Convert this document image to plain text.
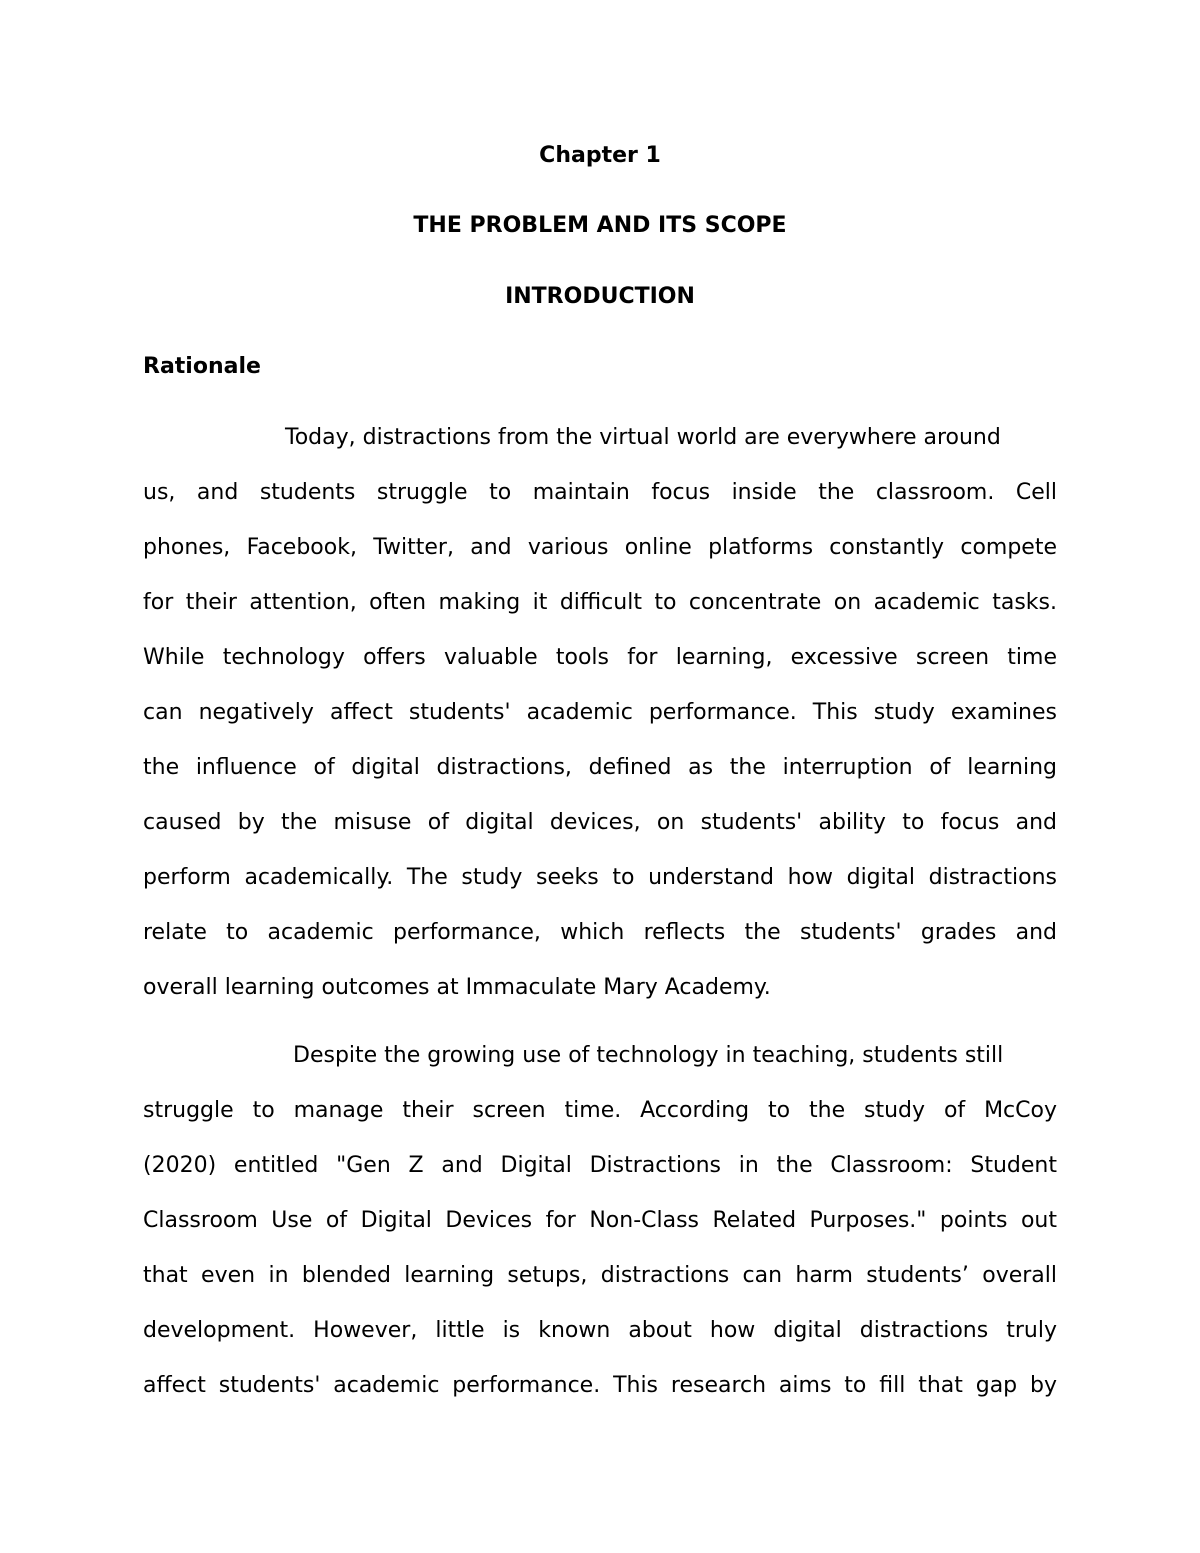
Chapter 1
THE PROBLEM AND ITS SCOPE
INTRODUCTION
Rationale
Today, distractions from the virtual world are everywhere around
us, and students struggle to maintain focus inside the classroom. Cell
phones, Facebook, Twitter, and various online platforms constantly compete
for their attention, often making it difficult to concentrate on academic tasks.
While technology offers valuable tools for learning, excessive screen time
can negatively affect students' academic performance. This study examines
the influence of digital distractions, defined as the interruption of learning
caused by the misuse of digital devices, on students' ability to focus and
perform academically. The study seeks to understand how digital distractions
relate to academic performance, which reflects the students' grades and
overall learning outcomes at Immaculate Mary Academy.
Despite the growing use of technology in teaching, students still
struggle to manage their screen time. According to the study of McCoy
(2020) entitled "Gen Z and Digital Distractions in the Classroom: Student
Classroom Use of Digital Devices for Non-Class Related Purposes." points out
that even in blended learning setups, distractions can harm students’ overall
development. However, little is known about how digital distractions truly
affect students' academic performance. This research aims to fill that gap by
